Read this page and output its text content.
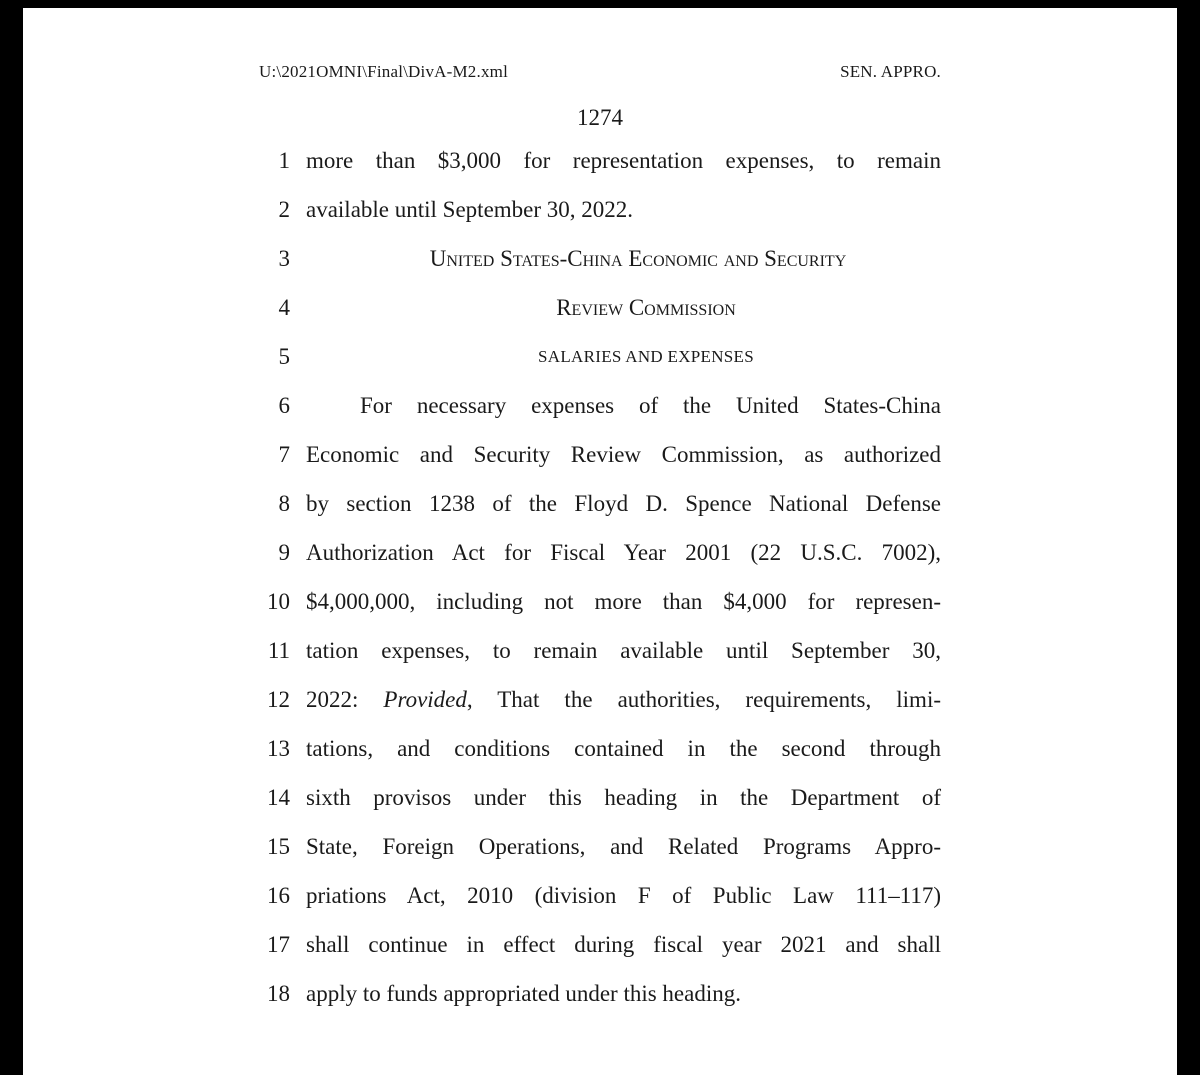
U:\2021OMNI\Final\DivA-M2.xml	SEN. APPRO.
1274
1 more than $3,000 for representation expenses, to remain
2 available until September 30, 2022.
3	United States-China Economic and Security
4	Review Commission
5	SALARIES AND EXPENSES
6	For necessary expenses of the United States-China
7 Economic and Security Review Commission, as authorized
8 by section 1238 of the Floyd D. Spence National Defense
9 Authorization Act for Fiscal Year 2001 (22 U.S.C. 7002),
10 $4,000,000, including not more than $4,000 for represen-
11 tation expenses, to remain available until September 30,
12 2022: Provided, That the authorities, requirements, limi-
13 tations, and conditions contained in the second through
14 sixth provisos under this heading in the Department of
15 State, Foreign Operations, and Related Programs Appro-
16 priations Act, 2010 (division F of Public Law 111–117)
17 shall continue in effect during fiscal year 2021 and shall
18 apply to funds appropriated under this heading.
